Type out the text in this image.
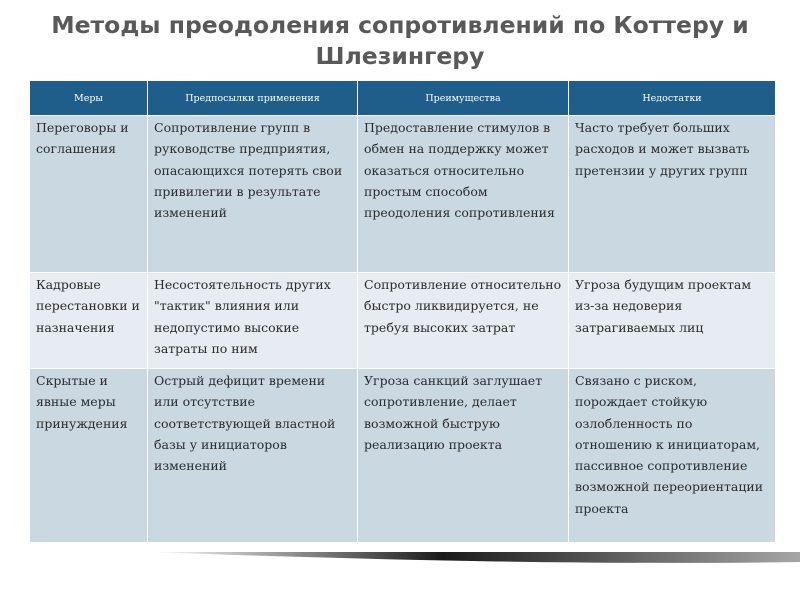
Методы преодоления сопротивлений по Коттеру и
Шлезингеру
Меры	Предпосылки применения	Преимущества	Недостатки
Переговоры и соглашения	Сопротивление групп в руководстве предприятия, опасающихся потерять свои привилегии в результате изменений	Предоставление стимулов в обмен на поддержку может оказаться относительно простым способом преодоления сопротивления	Часто требует больших расходов и может вызвать претензии у других групп
Кадровые перестановки и назначения	Несостоятельность других "тактик" влияния или недопустимо высокие затраты по ним	Сопротивление относительно быстро ликвидируется, не требуя высоких затрат	Угроза будущим проектам из-за недоверия затрагиваемых лиц
Скрытые и явные меры принуждения	Острый дефицит времени или отсутствие соответствующей властной базы у инициаторов изменений	Угроза санкций заглушает сопротивление, делает возможной быструю реализацию проекта	Связано с риском, порождает стойкую озлобленность по отношению к инициаторам, пассивное сопротивление возможной переориентации проекта
